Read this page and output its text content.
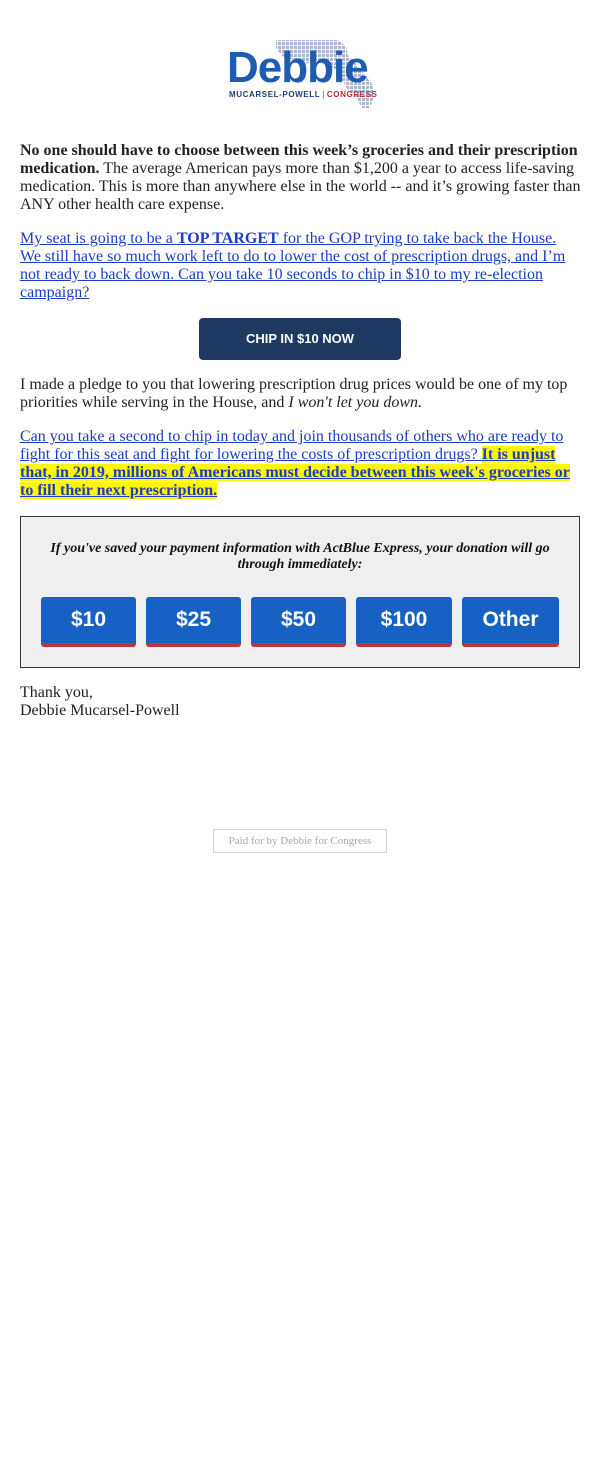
Debbie
MUCARSEL-POWELL | CONGRESS

No one should have to choose between this week’s groceries and their prescription medication. The average American pays more than $1,200 a year to access life-saving medication. This is more than anywhere else in the world -- and it’s growing faster than ANY other health care expense.

My seat is going to be a TOP TARGET for the GOP trying to take back the House. We still have so much work left to do to lower the cost of prescription drugs, and I’m not ready to back down. Can you take 10 seconds to chip in $10 to my re-election campaign?

CHIP IN $10 NOW

I made a pledge to you that lowering prescription drug prices would be one of my top priorities while serving in the House, and I won't let you down.

Can you take a second to chip in today and join thousands of others who are ready to fight for this seat and fight for lowering the costs of prescription drugs? It is unjust that, in 2019, millions of Americans must decide between this week's groceries or to fill their next prescription.

If you've saved your payment information with ActBlue Express, your donation will go through immediately:
$10	$25	$50	$100	Other

Thank you,
Debbie Mucarsel-Powell

Paid for by Debbie for Congress
